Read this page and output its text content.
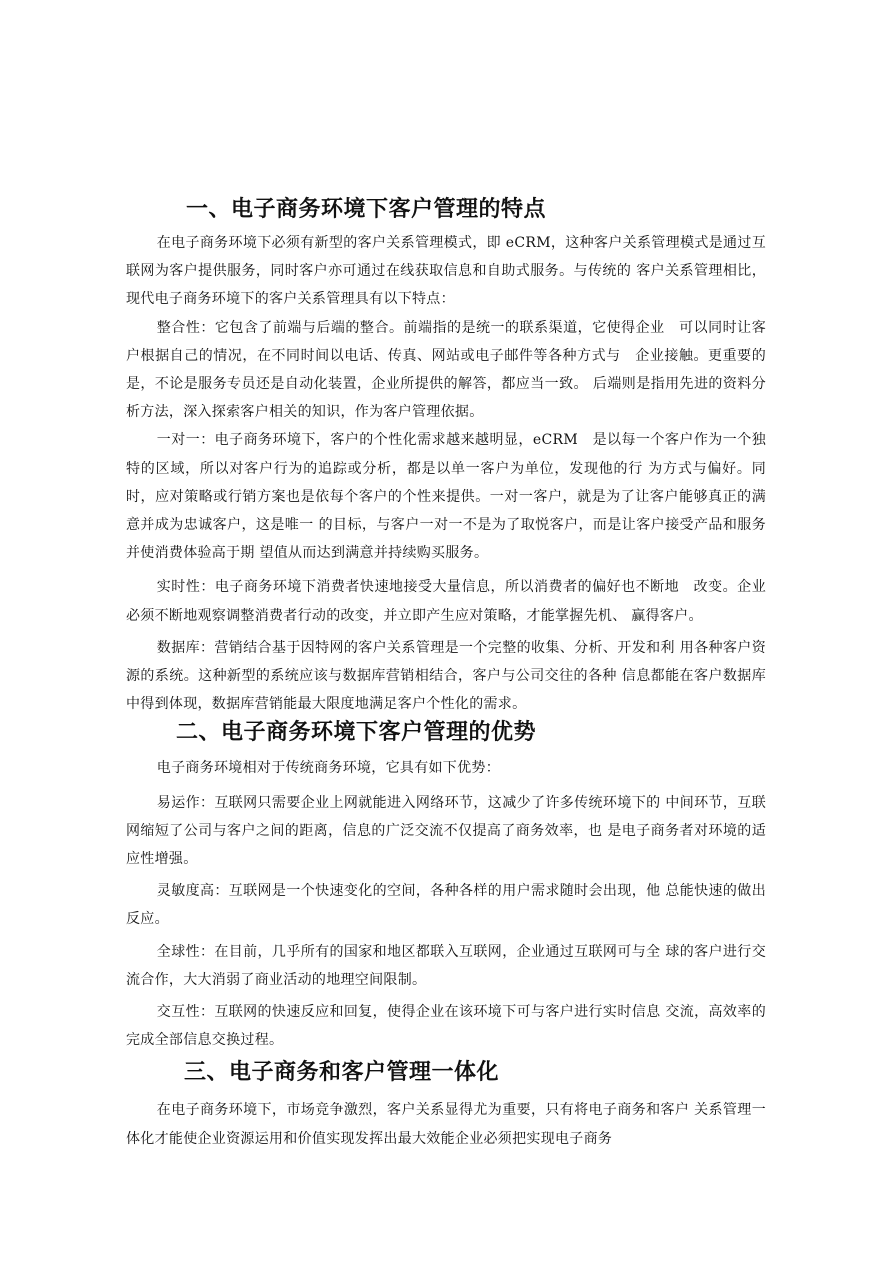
一、电子商务环境下客户管理的特点

在电子商务环境下必须有新型的客户关系管理模式，即 eCRM，这种客户关系管理模式是通过互联网为客户提供服务，同时客户亦可通过在线获取信息和自助式服务。与传统的 客户关系管理相比，现代电子商务环境下的客户关系管理具有以下特点：

整合性：它包含了前端与后端的整合。前端指的是统一的联系渠道，它使得企业　可以同时让客户根据自己的情况，在不同时间以电话、传真、网站或电子邮件等各种方式与　企业接触。更重要的是，不论是服务专员还是自动化装置，企业所提供的解答，都应当一致。 后端则是指用先进的资料分析方法，深入探索客户相关的知识，作为客户管理依据。

一对一：电子商务环境下，客户的个性化需求越来越明显，eCRM　是以每一个客户作为一个独特的区域，所以对客户行为的追踪或分析，都是以单一客户为单位，发现他的行 为方式与偏好。同时，应对策略或行销方案也是依每个客户的个性来提供。一对一客户，就是为了让客户能够真正的满意并成为忠诚客户，这是唯一 的目标，与客户一对一不是为了取悦客户，而是让客户接受产品和服务并使消费体验高于期 望值从而达到满意并持续购买服务。

实时性：电子商务环境下消费者快速地接受大量信息，所以消费者的偏好也不断地　改变。企业必须不断地观察调整消费者行动的改变，并立即产生应对策略，才能掌握先机、 赢得客户。

数据库：营销结合基于因特网的客户关系管理是一个完整的收集、分析、开发和利 用各种客户资源的系统。这种新型的系统应该与数据库营销相结合，客户与公司交往的各种 信息都能在客户数据库中得到体现，数据库营销能最大限度地满足客户个性化的需求。

二、电子商务环境下客户管理的优势

电子商务环境相对于传统商务环境，它具有如下优势：

易运作：互联网只需要企业上网就能进入网络环节，这减少了许多传统环境下的 中间环节，互联网缩短了公司与客户之间的距离，信息的广泛交流不仅提高了商务效率，也 是电子商务者对环境的适应性增强。

灵敏度高：互联网是一个快速变化的空间，各种各样的用户需求随时会出现，他 总能快速的做出反应。

全球性：在目前，几乎所有的国家和地区都联入互联网，企业通过互联网可与全 球的客户进行交流合作，大大消弱了商业活动的地理空间限制。

交互性：互联网的快速反应和回复，使得企业在该环境下可与客户进行实时信息 交流，高效率的完成全部信息交换过程。

三、电子商务和客户管理一体化

在电子商务环境下，市场竞争激烈，客户关系显得尤为重要，只有将电子商务和客户 关系管理一体化才能使企业资源运用和价值实现发挥出最大效能企业必须把实现电子商务
